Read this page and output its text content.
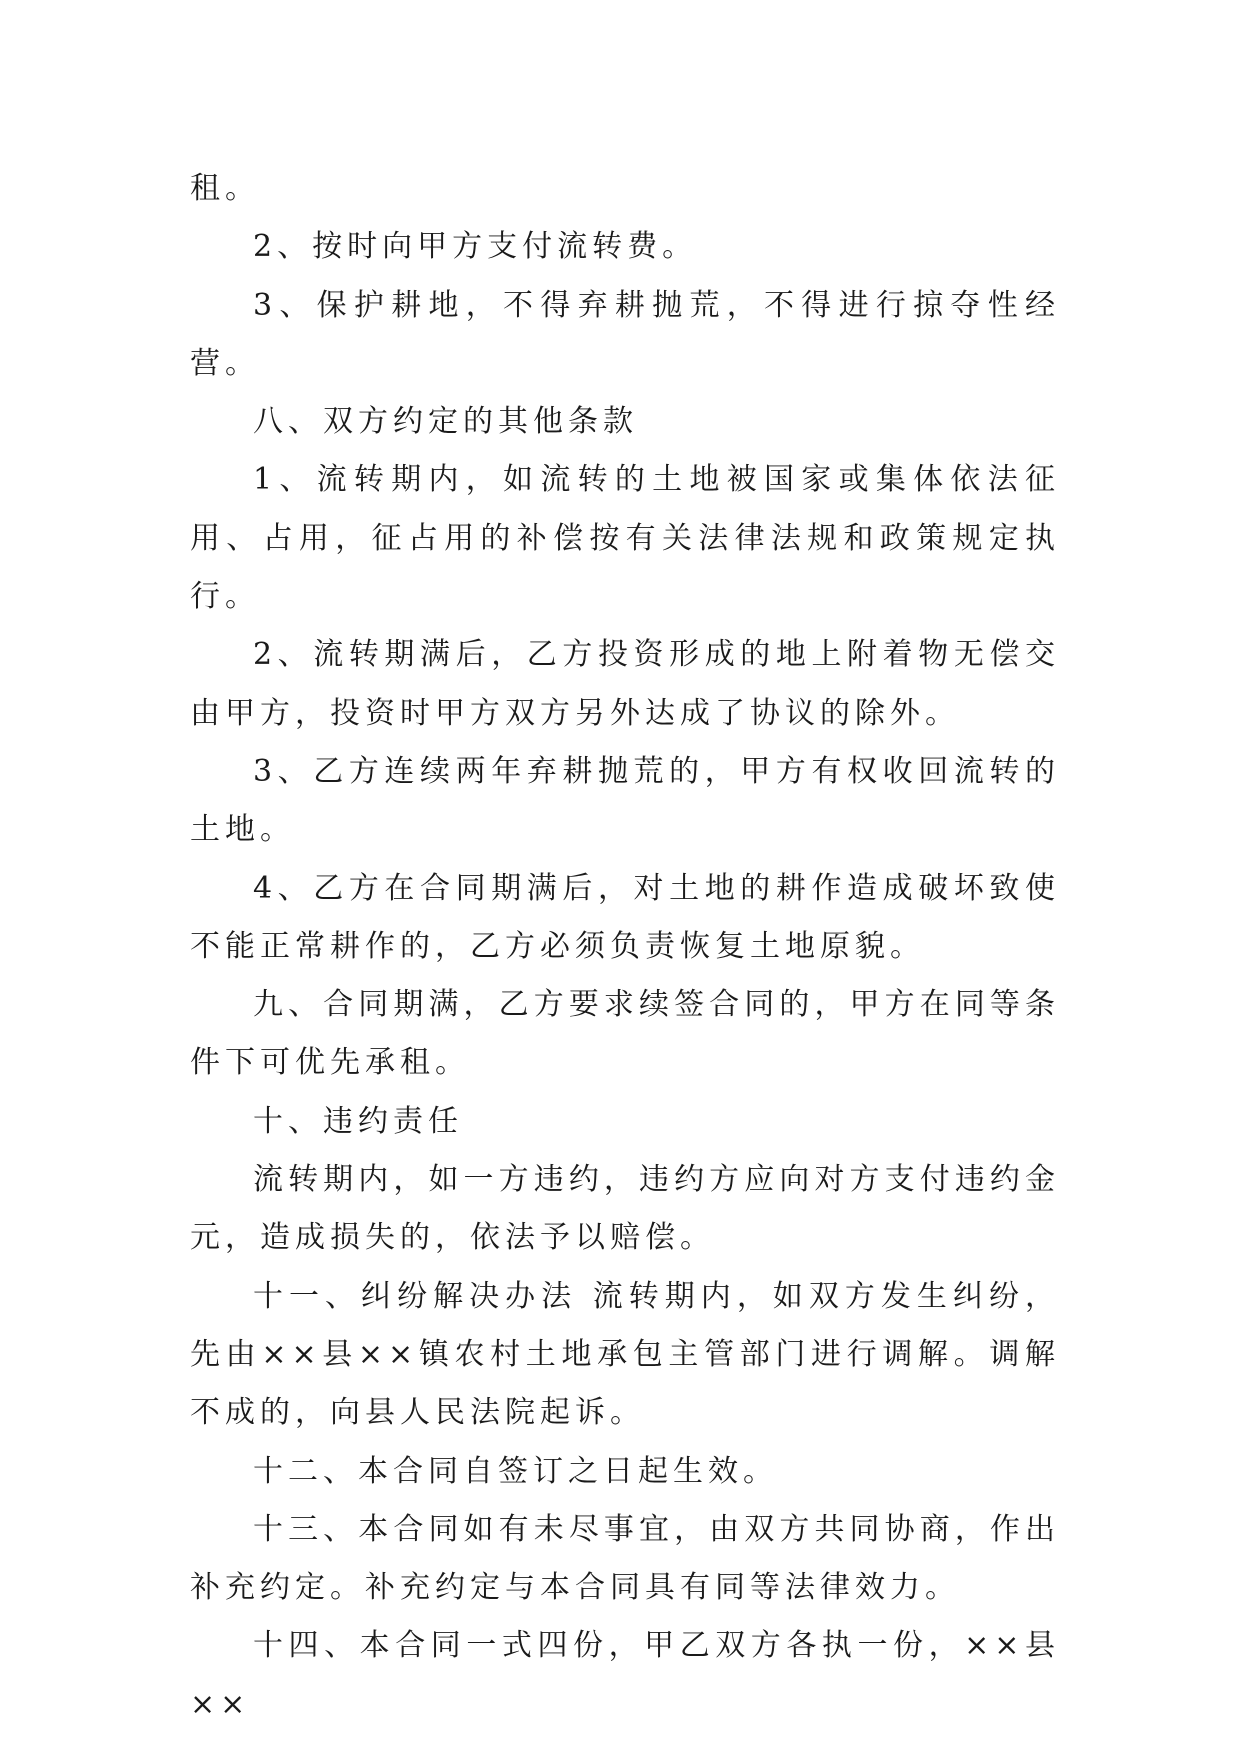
租。

2、按时向甲方支付流转费。

3、保护耕地，不得弃耕抛荒，不得进行掠夺性经营。

八、双方约定的其他条款

1、流转期内，如流转的土地被国家或集体依法征用、占用，征占用的补偿按有关法律法规和政策规定执行。

2、流转期满后，乙方投资形成的地上附着物无偿交由甲方，投资时甲方双方另外达成了协议的除外。

3、乙方连续两年弃耕抛荒的，甲方有权收回流转的土地。

4、乙方在合同期满后，对土地的耕作造成破坏致使不能正常耕作的，乙方必须负责恢复土地原貌。

九、合同期满，乙方要求续签合同的，甲方在同等条件下可优先承租。

十、违约责任

流转期内，如一方违约，违约方应向对方支付违约金元，造成损失的，依法予以赔偿。

十一、纠纷解决办法 流转期内，如双方发生纠纷，先由××县××镇农村土地承包主管部门进行调解。调解不成的，向县人民法院起诉。

十二、本合同自签订之日起生效。

十三、本合同如有未尽事宜，由双方共同协商，作出补充约定。补充约定与本合同具有同等法律效力。

十四、本合同一式四份，甲乙双方各执一份，××县××
